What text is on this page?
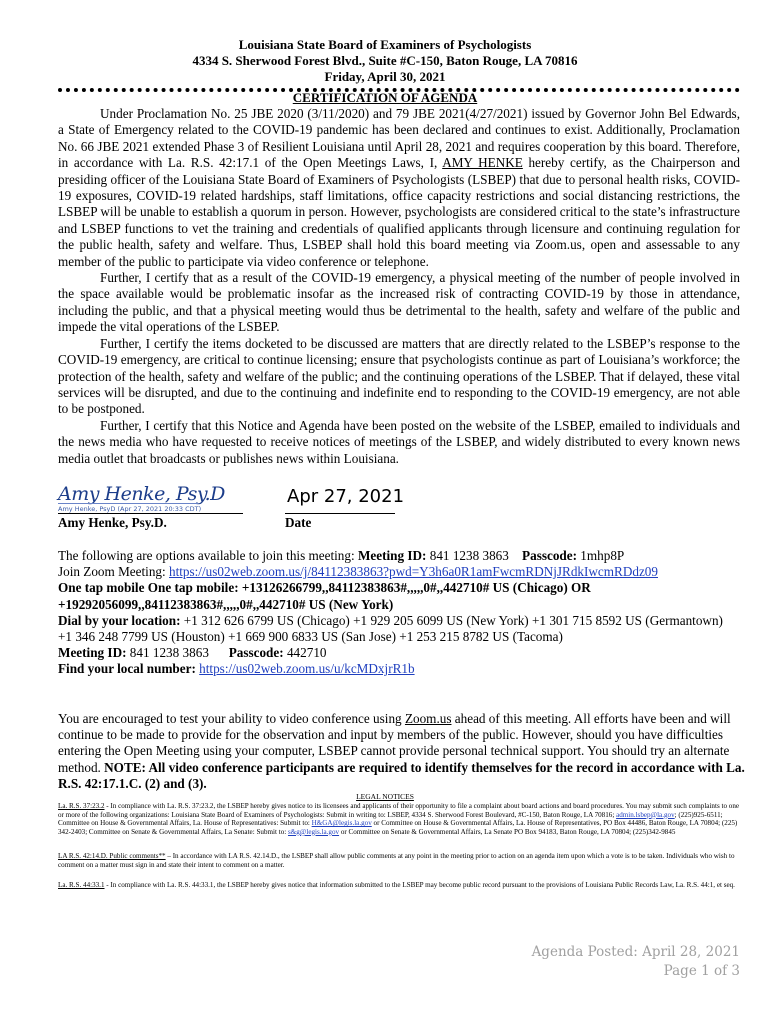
Louisiana State Board of Examiners of Psychologists
4334 S. Sherwood Forest Blvd., Suite #C-150, Baton Rouge, LA 70816
Friday, April 30, 2021
CERTIFICATION OF AGENDA

Under Proclamation No. 25 JBE 2020 (3/11/2020) and 79 JBE 2021(4/27/2021) issued by Governor John Bel Edwards, a State of Emergency related to the COVID-19 pandemic has been declared and continues to exist. Additionally, Proclamation No. 66 JBE 2021 extended Phase 3 of Resilient Louisiana until April 28, 2021 and requires cooperation by this board. Therefore, in accordance with La. R.S. 42:17.1 of the Open Meetings Laws, I, AMY HENKE hereby certify, as the Chairperson and presiding officer of the Louisiana State Board of Examiners of Psychologists (LSBEP) that due to personal health risks, COVID-19 exposures, COVID-19 related hardships, staff limitations, office capacity restrictions and social distancing restrictions, the LSBEP will be unable to establish a quorum in person. However, psychologists are considered critical to the state’s infrastructure and LSBEP functions to vet the training and credentials of qualified applicants through licensure and continuing regulation for the public health, safety and welfare. Thus, LSBEP shall hold this board meeting via Zoom.us, open and assessable to any member of the public to participate via video conference or telephone.

Further, I certify that as a result of the COVID-19 emergency, a physical meeting of the number of people involved in the space available would be problematic insofar as the increased risk of contracting COVID-19 by those in attendance, including the public, and that a physical meeting would thus be detrimental to the health, safety and welfare of the public and impede the vital operations of the LSBEP.

Further, I certify the items docketed to be discussed are matters that are directly related to the LSBEP’s response to the COVID-19 emergency, are critical to continue licensing; ensure that psychologists continue as part of Louisiana’s workforce; the protection of the health, safety and welfare of the public; and the continuing operations of the LSBEP. That if delayed, these vital services will be disrupted, and due to the continuing and indefinite end to responding to the COVID-19 emergency, are not able to be postponed.

Further, I certify that this Notice and Agenda have been posted on the website of the LSBEP, emailed to individuals and the news media who have requested to receive notices of meetings of the LSBEP, and widely distributed to every known news media outlet that broadcasts or publishes news within Louisiana.

Amy Henke, Psy.D
Amy Henke, PsyD (Apr 27, 2021 20:33 CDT)
Apr 27, 2021
Amy Henke, Psy.D.	Date
The following are options available to join this meeting: Meeting ID: 841 1238 3863 Passcode: 1mhp8P
Join Zoom Meeting: https://us02web.zoom.us/j/84112383863?pwd=Y3h6a0R1amFwcmRDNjJRdkIwcmRDdz09
One tap mobile One tap mobile: +13126266799,,84112383863#,,,,,0#,,442710# US (Chicago) OR +19292056099,,84112383863#,,,,,0#,,442710# US (New York)
Dial by your location: +1 312 626 6799 US (Chicago) +1 929 205 6099 US (New York) +1 301 715 8592 US (Germantown)
+1 346 248 7799 US (Houston) +1 669 900 6833 US (San Jose) +1 253 215 8782 US (Tacoma)
Meeting ID: 841 1238 3863 Passcode: 442710
Find your local number: https://us02web.zoom.us/u/kcMDxjrR1b
You are encouraged to test your ability to video conference using Zoom.us ahead of this meeting. All efforts have been and will continue to be made to provide for the observation and input by members of the public. However, should you have difficulties entering the Open Meeting using your computer, LSBEP cannot provide personal technical support. You should try an alternate method. NOTE: All video conference participants are required to identify themselves for the record in accordance with La. R.S. 42:17.1.C. (2) and (3).
LEGAL NOTICES
La. R.S. 37:23.2 - In compliance with La. R.S. 37:23.2, the LSBEP hereby gives notice to its licensees and applicants of their opportunity to file a complaint about board actions and board procedures. You may submit such complaints to one or more of the following organizations: Louisiana State Board of Examiners of Psychologists: Submit in writing to: LSBEP, 4334 S. Sherwood Forest Boulevard, #C-150, Baton Rouge, LA 70816; admin.lsbep@la.gov; (225)925-6511; Committee on House & Governmental Affairs, La. House of Representatives: Submit to: H&GA@legis.la.gov or Committee on House & Governmental Affairs, La. House of Representatives, PO Box 44486, Baton Rouge, LA 70804; (225) 342-2403; Committee on Senate & Governmental Affairs, La Senate: Submit to: s&g@legis.la.gov or Committee on Senate & Governmental Affairs, La Senate PO Box 94183, Baton Rouge, LA 70804; (225)342-9845
LA R.S. 42:14.D. Public comments** – In accordance with LA R.S. 42.14.D., the LSBEP shall allow public comments at any point in the meeting prior to action on an agenda item upon which a vote is to be taken. Individuals who wish to comment on a matter must sign in and state their intent to comment on a matter.
La. R.S. 44:33.1 - In compliance with La. R.S. 44:33.1, the LSBEP hereby gives notice that information submitted to the LSBEP may become public record pursuant to the provisions of Louisiana Public Records Law, La. R.S. 44:1, et seq.
Agenda Posted: April 28, 2021
Page 1 of 3
